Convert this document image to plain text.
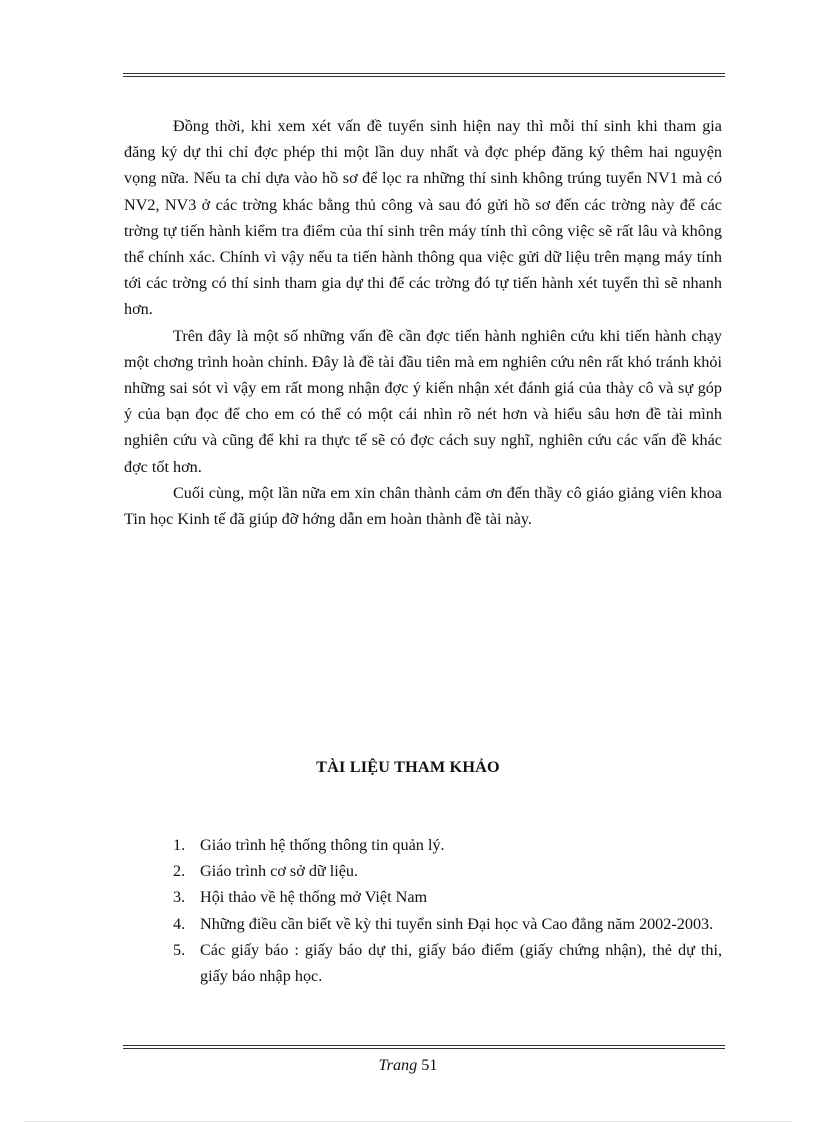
Đồng thời, khi xem xét vấn đề tuyển sinh hiện nay thì mỗi thí sinh khi tham gia đăng ký dự thi chỉ đợc phép thi một lần duy nhất và đợc phép đăng ký thêm hai nguyện vọng nữa. Nếu ta chỉ dựa vào hồ sơ để lọc ra những thí sinh không trúng tuyển NV1 mà có NV2, NV3 ở các trờng khác bằng thủ công và sau đó gửi hồ sơ đến các trờng này để các trờng tự tiến hành kiểm tra điểm của thí sinh trên máy tính thì công việc sẽ rất lâu và không thể chính xác. Chính vì vậy nếu ta tiến hành thông qua việc gửi dữ liệu trên mạng máy tính tới các trờng có thí sinh tham gia dự thi để các trờng đó tự tiến hành xét tuyển thì sẽ nhanh hơn.

Trên đây là một số những vấn đề cần đợc tiến hành nghiên cứu khi tiến hành chạy một chơng trình hoàn chỉnh. Đây là đề tài đầu tiên mà em nghiên cứu nên rất khó tránh khỏi những sai sót vì vậy em rất mong nhận đợc ý kiến nhận xét đánh giá của thày cô và sự góp ý của bạn đọc để cho em có thể có một cái nhìn rõ nét hơn và hiểu sâu hơn đề tài mình nghiên cứu và cũng để khi ra thực tế sẽ có đợc cách suy nghĩ, nghiên cứu các vấn đề khác đợc tốt hơn.

Cuối cùng, một lần nữa em xin chân thành cảm ơn đến thầy cô giáo giảng viên khoa Tin học Kinh tế đã giúp đỡ hớng dẫn em hoàn thành đề tài này.

TÀI LIỆU THAM KHẢO
1. Giáo trình hệ thống thông tin quản lý.
2. Giáo trình cơ sở dữ liệu.
3. Hội thảo về hệ thống mở Việt Nam
4. Những điều cần biết về kỳ thi tuyển sinh Đại học và Cao đẳng năm 2002-2003.
5. Các giấy báo : giấy báo dự thi, giấy báo điểm (giấy chứng nhận), thẻ dự thi, giấy báo nhập học.
Trang 51
